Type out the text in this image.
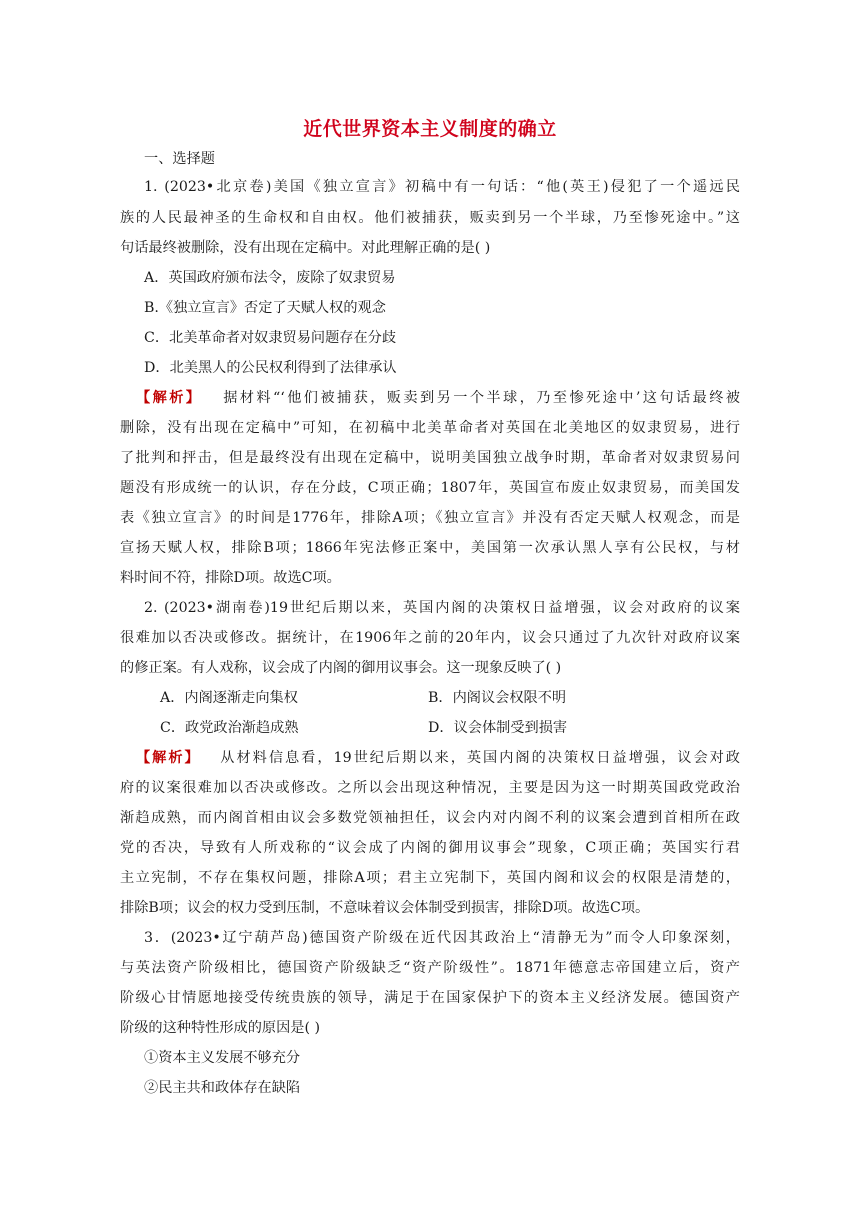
近代世界资本主义制度的确立
一、选择题
1. (2023•北京卷)美国《独立宣言》初稿中有一句话：“他(英王)侵犯了一个遥远民
族的人民最神圣的生命权和自由权。他们被捕获，贩卖到另一个半球，乃至惨死途中。”这
句话最终被删除，没有出现在定稿中。对此理解正确的是( )
A．英国政府颁布法令，废除了奴隶贸易
B.《独立宣言》否定了天赋人权的观念
C．北美革命者对奴隶贸易问题存在分歧
D．北美黑人的公民权利得到了法律承认
【解析】 据材料“‘他们被捕获，贩卖到另一个半球，乃至惨死途中’这句话最终被
删除，没有出现在定稿中”可知，在初稿中北美革命者对英国在北美地区的奴隶贸易，进行
了批判和抨击，但是最终没有出现在定稿中，说明美国独立战争时期，革命者对奴隶贸易问
题没有形成统一的认识，存在分歧，C项正确；1807年，英国宣布废止奴隶贸易，而美国发
表《独立宣言》的时间是1776年，排除A项；《独立宣言》并没有否定天赋人权观念，而是
宣扬天赋人权，排除B项；1866年宪法修正案中，美国第一次承认黑人享有公民权，与材
料时间不符，排除D项。故选C项。
2. (2023•湖南卷)19世纪后期以来，英国内阁的决策权日益增强，议会对政府的议案
很难加以否决或修改。据统计，在1906年之前的20年内，议会只通过了九次针对政府议案
的修正案。有人戏称，议会成了内阁的御用议事会。这一现象反映了( )
A．内阁逐渐走向集权	B．内阁议会权限不明
C．政党政治渐趋成熟	D．议会体制受到损害
【解析】 从材料信息看，19世纪后期以来，英国内阁的决策权日益增强，议会对政
府的议案很难加以否决或修改。之所以会出现这种情况，主要是因为这一时期英国政党政治
渐趋成熟，而内阁首相由议会多数党领袖担任，议会内对内阁不利的议案会遭到首相所在政
党的否决，导致有人所戏称的“议会成了内阁的御用议事会”现象，C项正确；英国实行君
主立宪制，不存在集权问题，排除A项；君主立宪制下，英国内阁和议会的权限是清楚的，
排除B项；议会的权力受到压制，不意味着议会体制受到损害，排除D项。故选C项。
3．(2023•辽宁葫芦岛)德国资产阶级在近代因其政治上“清静无为”而令人印象深刻，
与英法资产阶级相比，德国资产阶级缺乏“资产阶级性”。1871年德意志帝国建立后，资产
阶级心甘情愿地接受传统贵族的领导，满足于在国家保护下的资本主义经济发展。德国资产
阶级的这种特性形成的原因是( )
①资本主义发展不够充分
②民主共和政体存在缺陷
